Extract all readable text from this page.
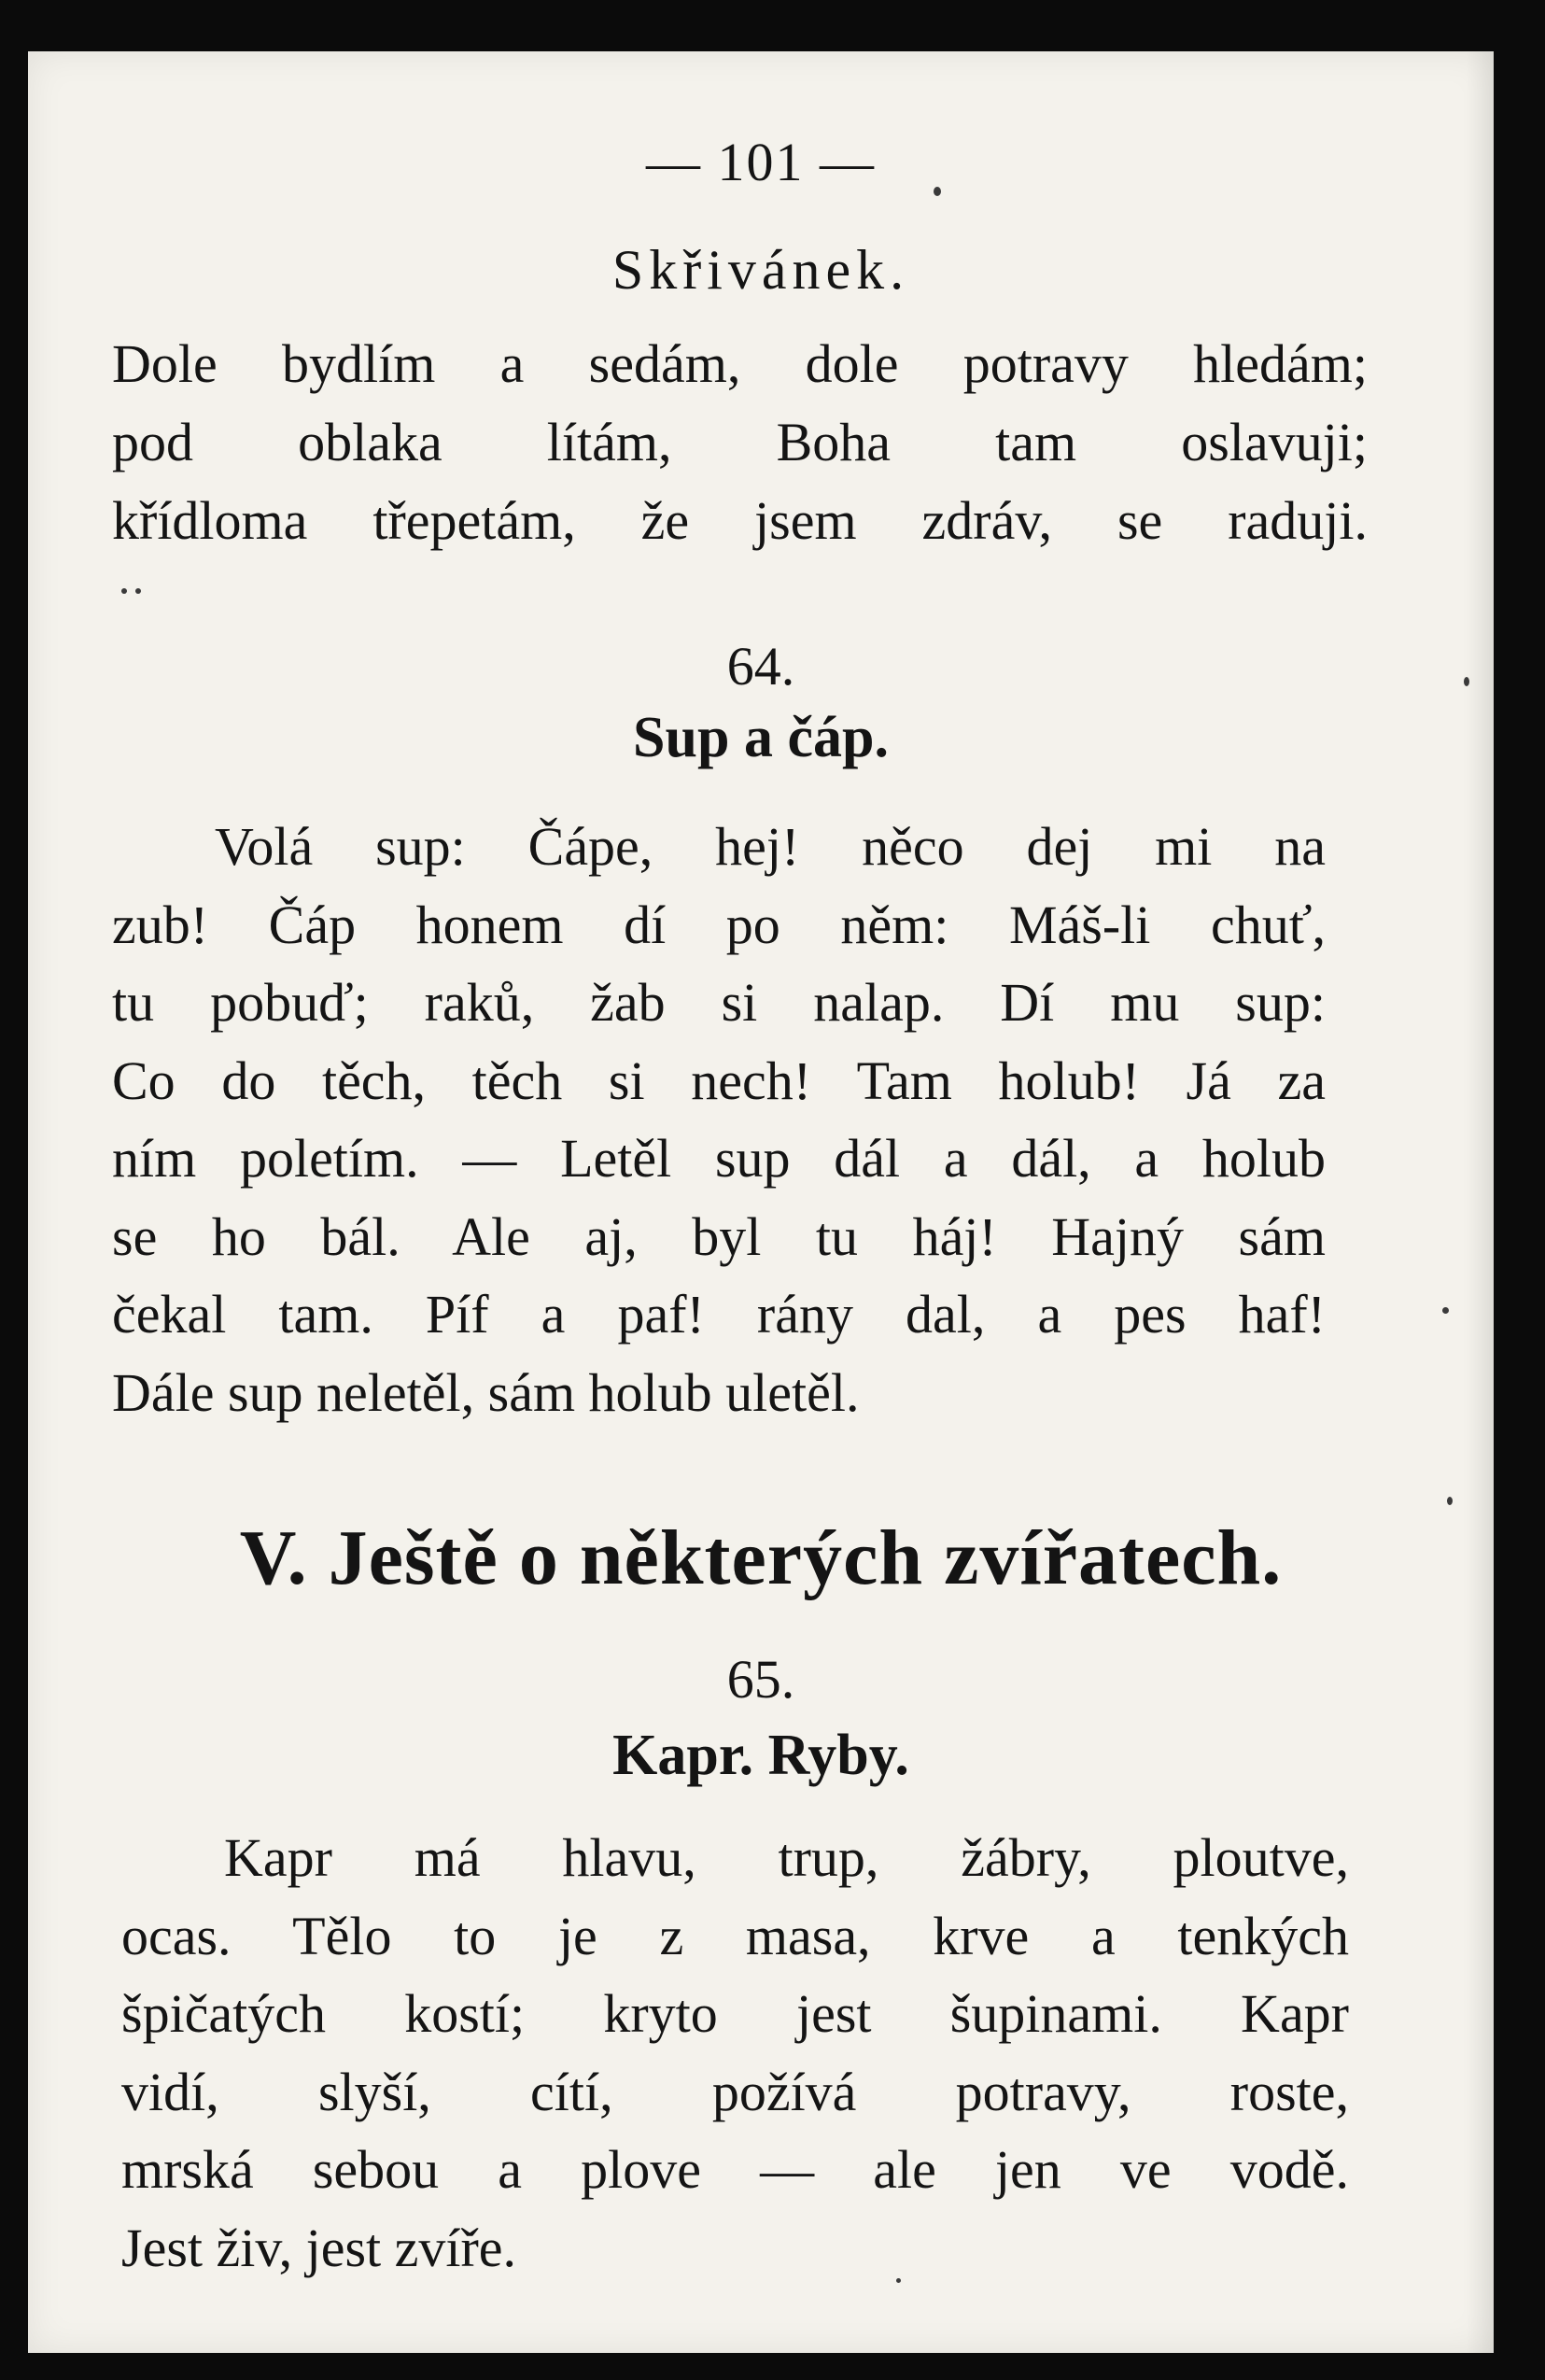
— 101 —

Skřivánek.

Dole bydlím a sedám, dole potravy hledám;
pod oblaka lítám, Boha tam oslavuji;
křídloma třepetám, že jsem zdráv, se raduji.

64.

Sup a čáp.

Volá sup: Čápe, hej! něco dej mi na
zub! Čáp honem dí po něm: Máš-li chuť,
tu pobuď; raků, žab si nalap. Dí mu sup:
Co do těch, těch si nech! Tam holub! Já za
ním poletím. — Letěl sup dál a dál, a holub
se ho bál. Ale aj, byl tu háj! Hajný sám
čekal tam. Píf a paf! rány dal, a pes haf!
Dále sup neletěl, sám holub uletěl.

V. Ještě o některých zvířatech.

65.

Kapr. Ryby.

Kapr má hlavu, trup, žábry, ploutve,
ocas. Tělo to je z masa, krve a tenkých
špičatých kostí; kryto jest šupinami. Kapr
vidí, slyší, cítí, požívá potravy, roste,
mrská sebou a plove — ale jen ve vodě.
Jest živ, jest zvíře.
